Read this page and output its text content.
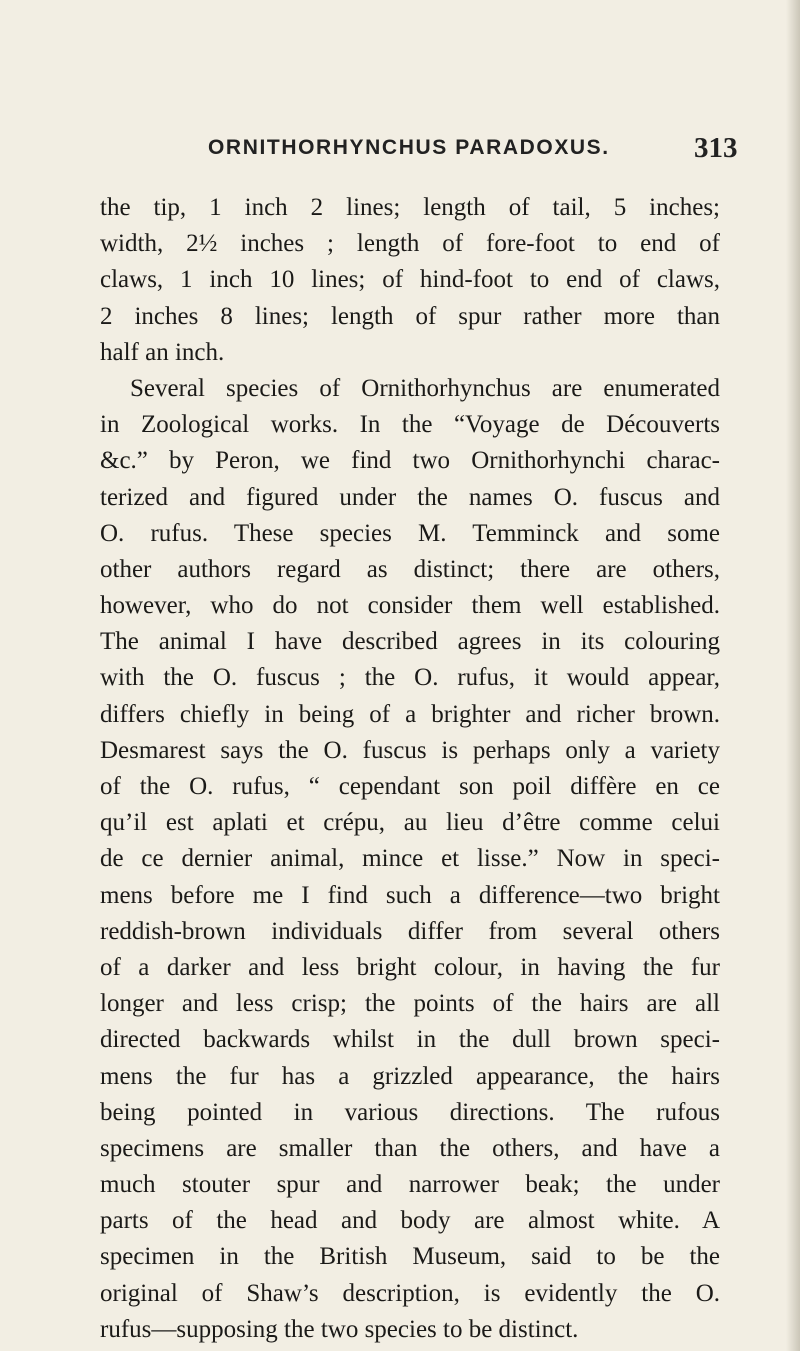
ORNITHORHYNCHUS PARADOXUS.	313
the tip, 1 inch 2 lines; length of tail, 5 inches;
width, 2½ inches ; length of fore-foot to end of
claws, 1 inch 10 lines; of hind-foot to end of claws,
2 inches 8 lines; length of spur rather more than
half an inch.
Several species of Ornithorhynchus are enumerated
in Zoological works. In the “Voyage de Découverts
&c.” by Peron, we find two Ornithorhynchi charac-
terized and figured under the names O. fuscus and
O. rufus. These species M. Temminck and some
other authors regard as distinct; there are others,
however, who do not consider them well established.
The animal I have described agrees in its colouring
with the O. fuscus ; the O. rufus, it would appear,
differs chiefly in being of a brighter and richer brown.
Desmarest says the O. fuscus is perhaps only a variety
of the O. rufus, “ cependant son poil diffère en ce
qu’il est aplati et crépu, au lieu d’être comme celui
de ce dernier animal, mince et lisse.” Now in speci-
mens before me I find such a difference—two bright
reddish-brown individuals differ from several others
of a darker and less bright colour, in having the fur
longer and less crisp; the points of the hairs are all
directed backwards whilst in the dull brown speci-
mens the fur has a grizzled appearance, the hairs
being pointed in various directions. The rufous
specimens are smaller than the others, and have a
much stouter spur and narrower beak; the under
parts of the head and body are almost white. A
specimen in the British Museum, said to be the
original of Shaw’s description, is evidently the O.
rufus—supposing the two species to be distinct.
